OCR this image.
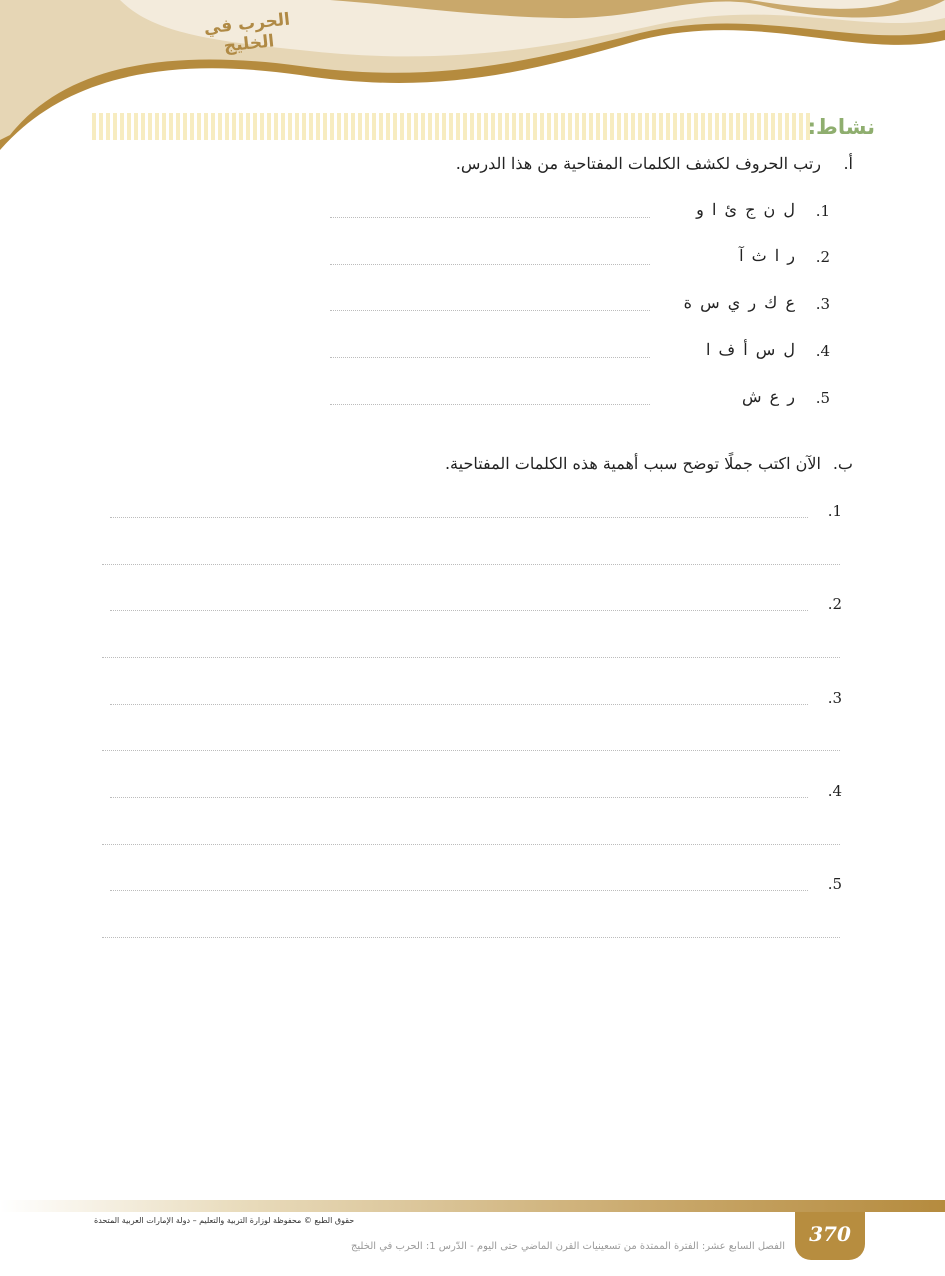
الحرب في الخليج
نشاط:
أ.
رتب الحروف لكشف الكلمات المفتاحية من هذا الدرس.
.1
ل ن ج ئ ا و
.2
ر ا ث آ
.3
ع ك ر ي س ة
.4
ل س أ ف ا
.5
ر ع ش
ب.
الآن اكتب جملًا توضح سبب أهمية هذه الكلمات المفتاحية.
.1
.2
.3
.4
.5
370
حقوق الطبع © محفوظة لوزارة التربية والتعليم – دولة الإمارات العربية المتحدة
الفصل السابع عشر: الفترة الممتدة من تسعينيات القرن الماضي حتى اليوم - الدّرس 1: الحرب في الخليج
